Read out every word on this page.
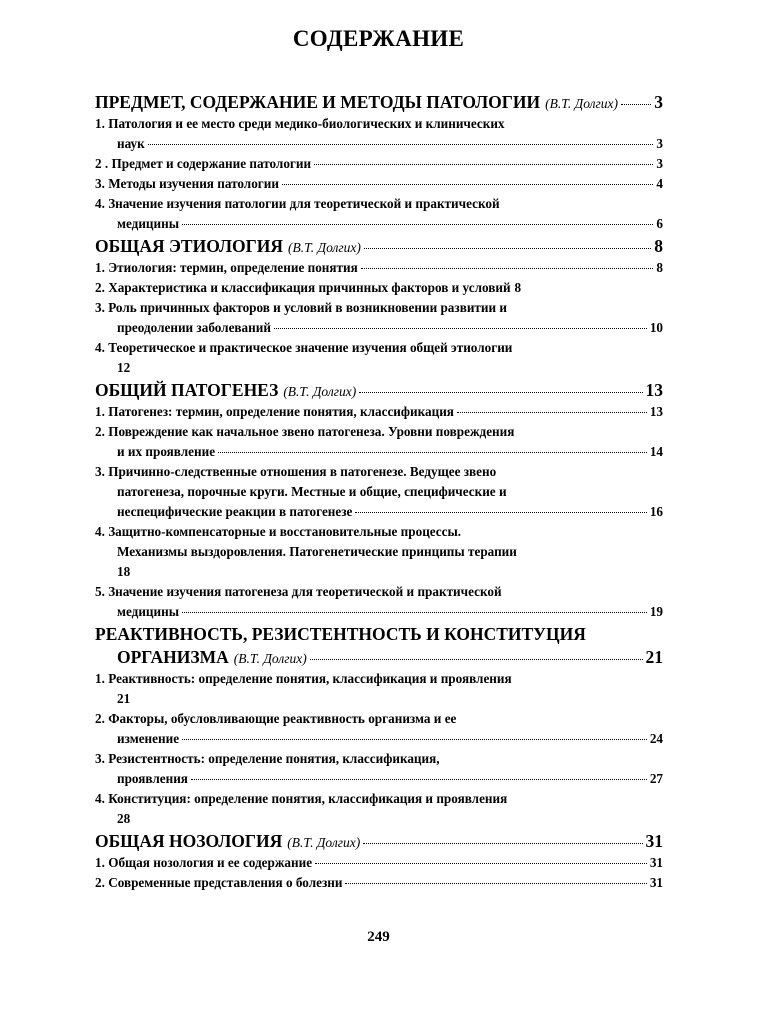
СОДЕРЖАНИЕ
ПРЕДМЕТ, СОДЕРЖАНИЕ И МЕТОДЫ ПАТОЛОГИИ (В.Т. Долгих) 3
1. Патология и ее место среди медико-биологических и клинических
наук	3
2 . Предмет и содержание патологии	3
3. Методы изучения патологии	4
4. Значение изучения патологии для теоретической и практической
медицины	6
ОБЩАЯ ЭТИОЛОГИЯ (В.Т. Долгих)	8
1. Этиология: термин, определение понятия	8
2. Характеристика и классификация причинных факторов и условий 8
3. Роль причинных факторов и условий в возникновении развитии и
преодолении заболеваний	10
4. Теоретическое и практическое значение изучения общей этиологии
12
ОБЩИЙ ПАТОГЕНЕЗ (В.Т. Долгих)	13
1. Патогенез: термин, определение понятия, классификация	13
2. Повреждение как начальное звено патогенеза. Уровни повреждения
и их проявление	14
3. Причинно-следственные отношения в патогенезе. Ведущее звено
патогенеза, порочные круги. Местные и общие, специфические и
неспецифические реакции в патогенезе	16
4. Защитно-компенсаторные и восстановительные процессы.
Механизмы выздоровления. Патогенетические принципы терапии
18
5. Значение изучения патогенеза для теоретической и практической
медицины	19
РЕАКТИВНОСТЬ, РЕЗИСТЕНТНОСТЬ И КОНСТИТУЦИЯ
ОРГАНИЗМА (В.Т. Долгих)	21
1. Реактивность: определение понятия, классификация и проявления
21
2. Факторы, обусловливающие реактивность организма и ее
изменение	24
3. Резистентность: определение понятия, классификация,
проявления	27
4. Конституция: определение понятия, классификация и проявления
28
ОБЩАЯ НОЗОЛОГИЯ (В.Т. Долгих)	31
1. Общая нозология и ее содержание	31
2. Современные представления о болезни	31
249
